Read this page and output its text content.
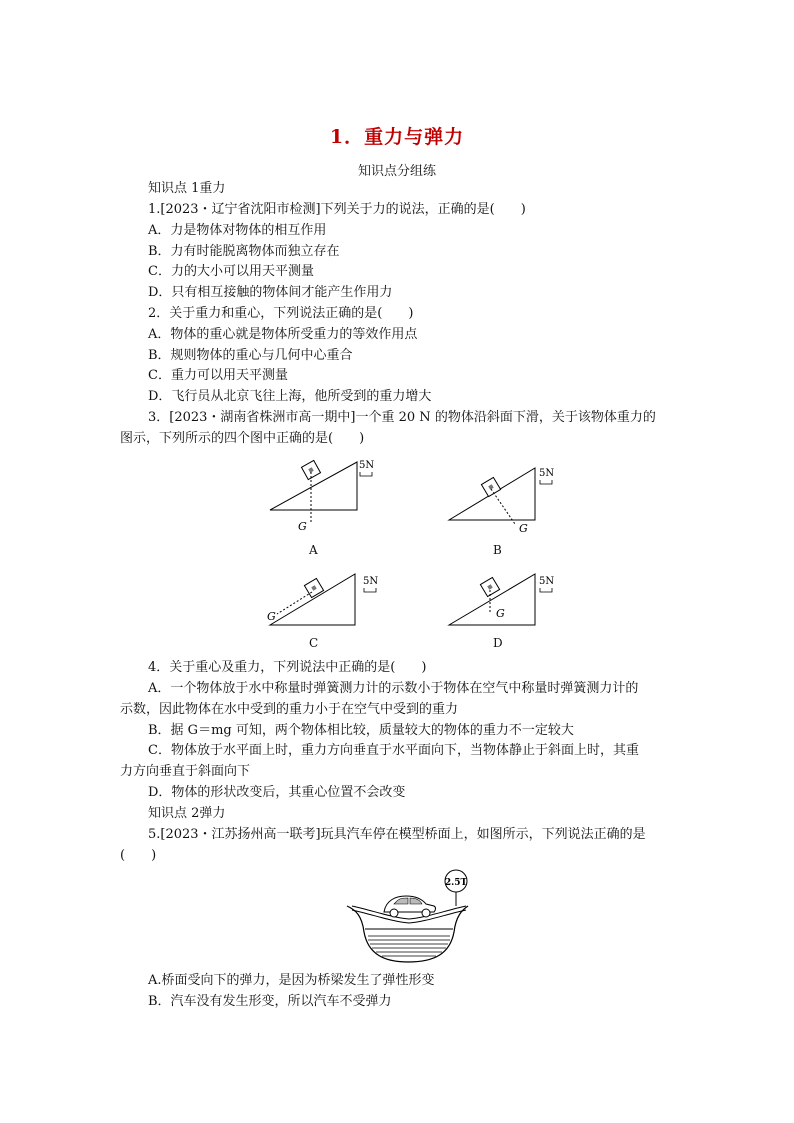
1．重力与弹力
知识点分组练
知识点 1重力
1.[2023・辽宁省沈阳市检测]下列关于力的说法，正确的是(　　)
A．力是物体对物体的相互作用
B．力有时能脱离物体而独立存在
C．力的大小可以用天平测量
D．只有相互接触的物体间才能产生作用力
2．关于重力和重心，下列说法正确的是(　　)
A．物体的重心就是物体所受重力的等效作用点
B．规则物体的重心与几何中心重合
C．重力可以用天平测量
D．飞行员从北京飞往上海，他所受到的重力增大
3．[2023・湖南省株洲市高一期中]一个重 20 N 的物体沿斜面下滑，关于该物体重力的
图示，下列所示的四个图中正确的是(　　)
G
5N
A
G
5N
B
G
5N
C
G
5N
D
4．关于重心及重力，下列说法中正确的是(　　)
A．一个物体放于水中称量时弹簧测力计的示数小于物体在空气中称量时弹簧测力计的
示数，因此物体在水中受到的重力小于在空气中受到的重力
B．据 G＝mg 可知，两个物体相比较，质量较大的物体的重力不一定较大
C．物体放于水平面上时，重力方向垂直于水平面向下，当物体静止于斜面上时，其重
力方向垂直于斜面向下
D．物体的形状改变后，其重心位置不会改变
知识点 2弹力
5.[2023・江苏扬州高一联考]玩具汽车停在模型桥面上，如图所示，下列说法正确的是
(　　)
2.5T
A.桥面受向下的弹力，是因为桥梁发生了弹性形变
B．汽车没有发生形变，所以汽车不受弹力
